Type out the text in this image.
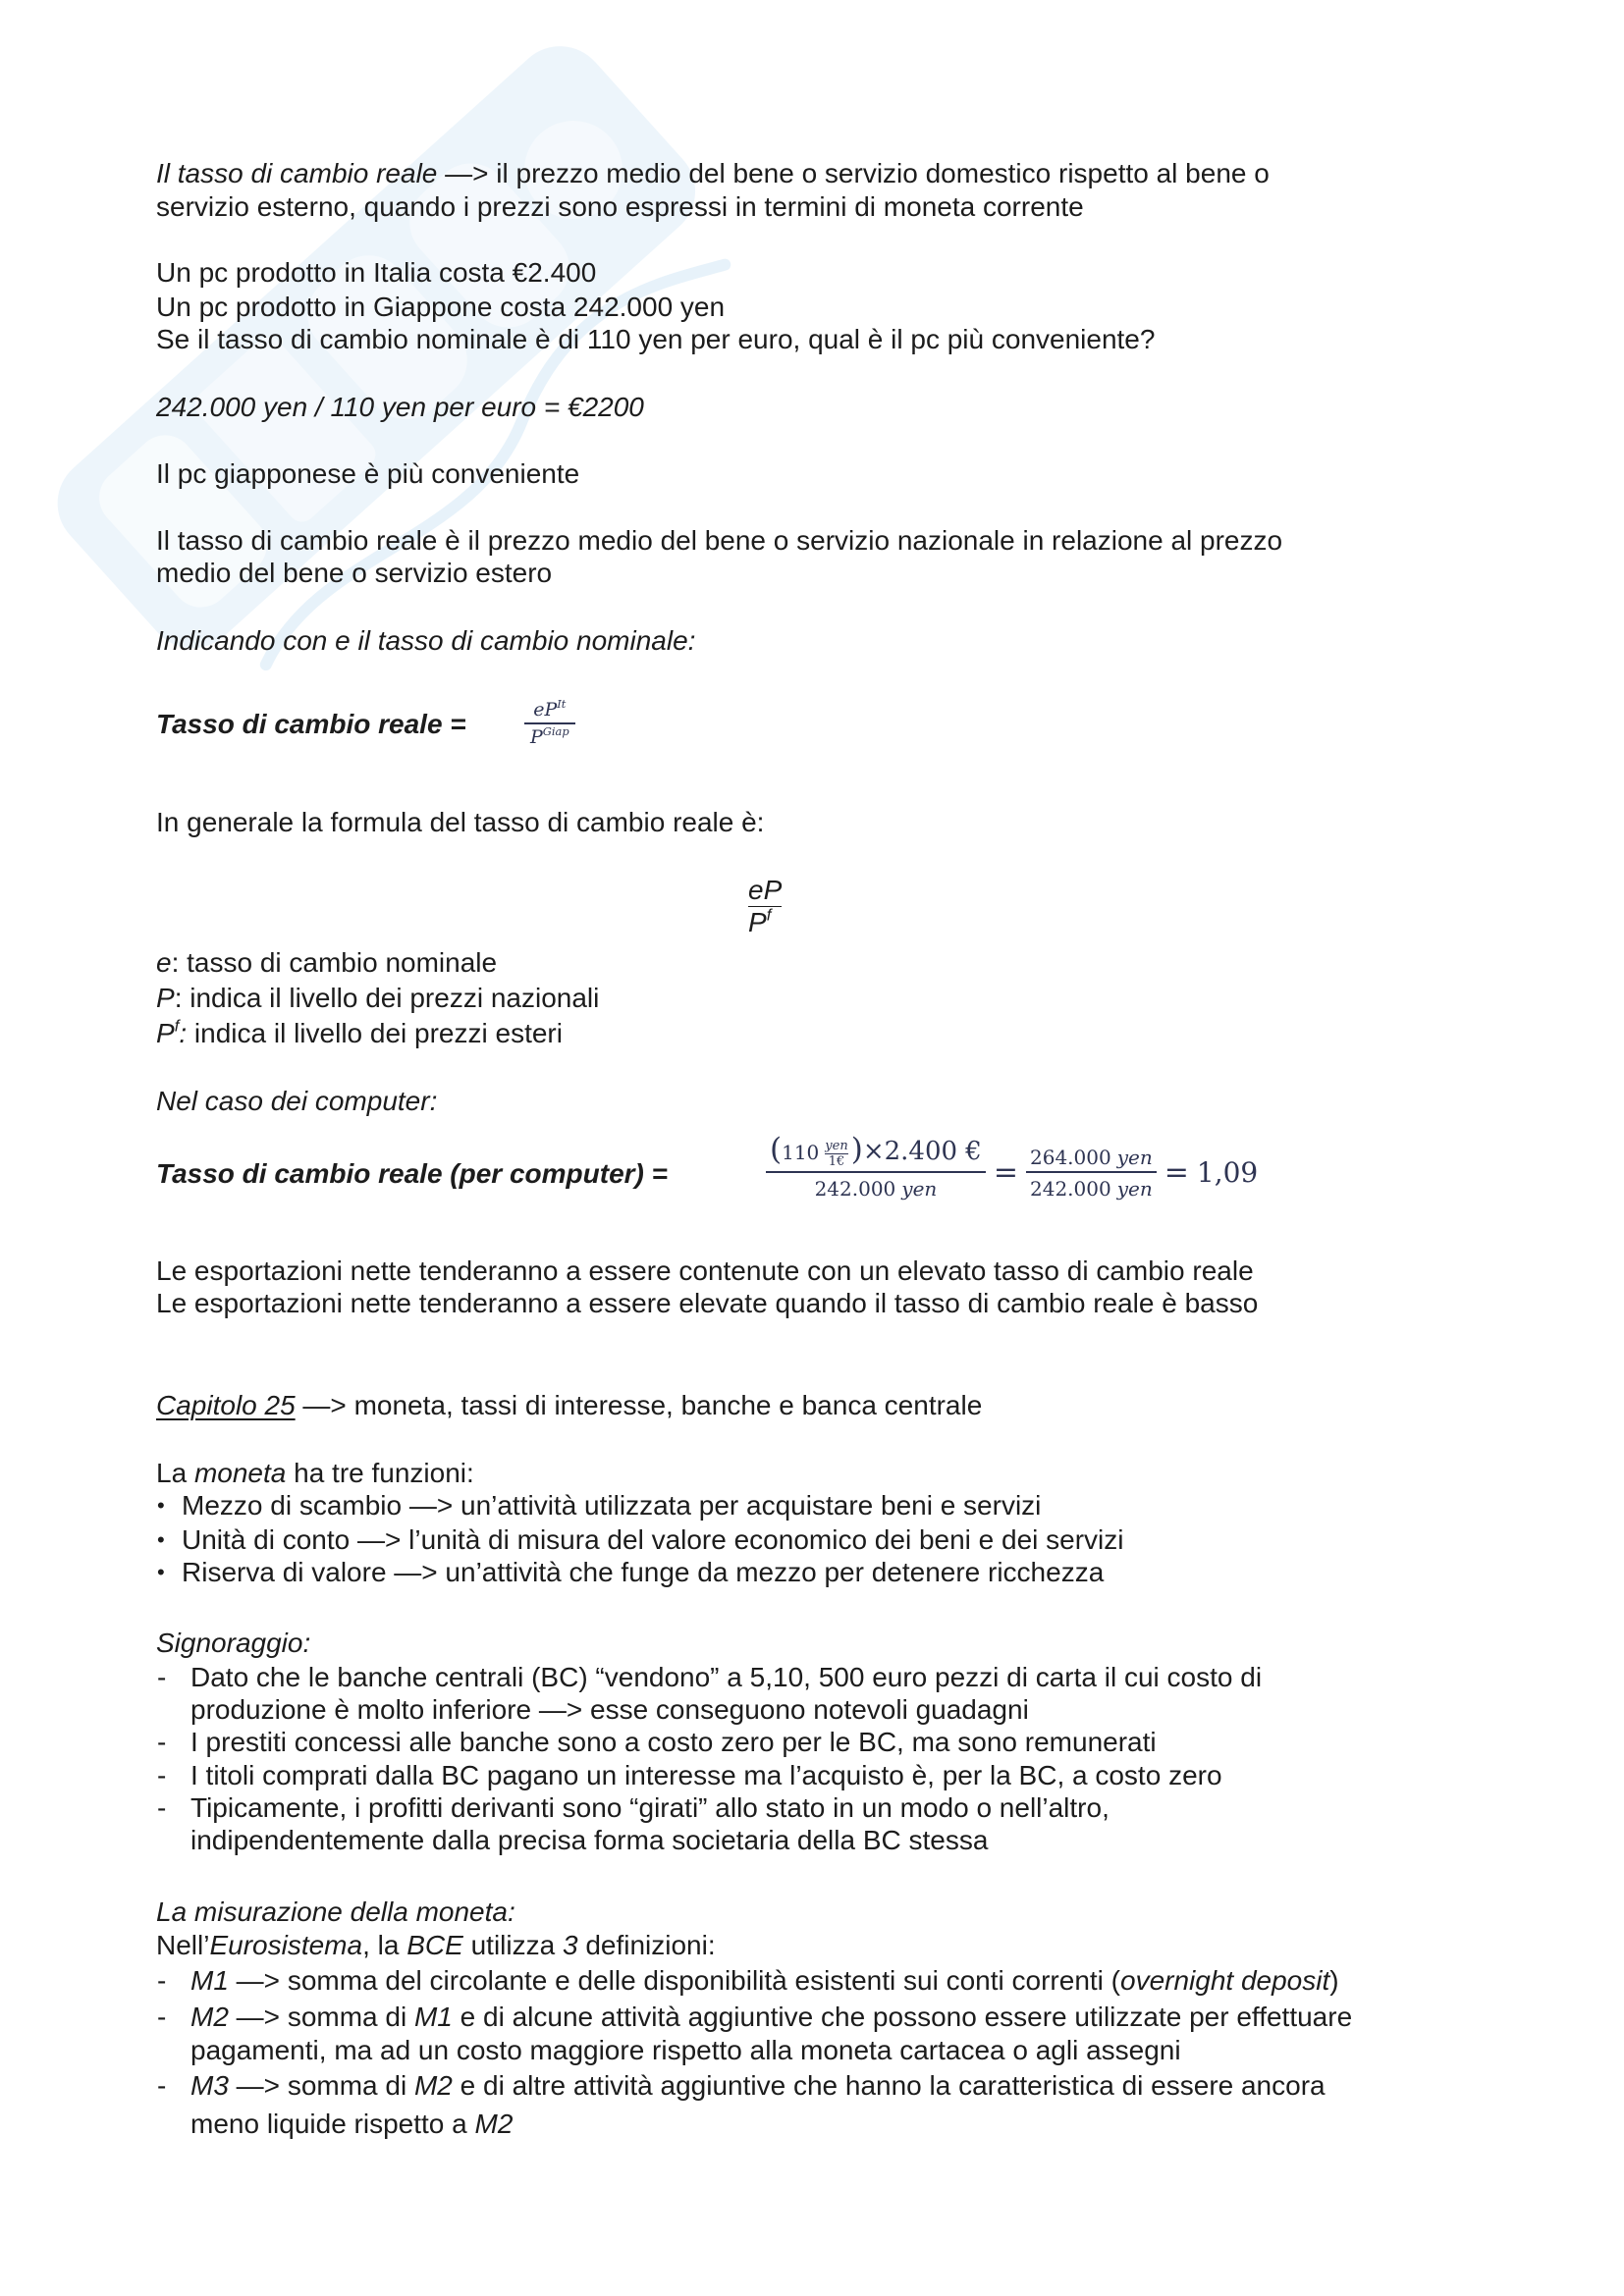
Il tasso di cambio reale —> il prezzo medio del bene o servizio domestico rispetto al bene o
servizio esterno, quando i prezzi sono espressi in termini di moneta corrente
Un pc prodotto in Italia costa €2.400
Un pc prodotto in Giappone costa 242.000 yen
Se il tasso di cambio nominale è di 110 yen per euro, qual è il pc più conveniente?
242.000 yen / 110 yen per euro = €2200
Il pc giapponese è più conveniente
Il tasso di cambio reale è il prezzo medio del bene o servizio nazionale in relazione al prezzo
medio del bene o servizio estero
Indicando con e il tasso di cambio nominale:
Tasso di cambio reale =	$eP^{It}$
$P^{Giap}$
In generale la formula del tasso di cambio reale è:
$\frac{eP}{P^f}$
e: tasso di cambio nominale
P: indica il livello dei prezzi nazionali
$P^f$: indica il livello dei prezzi esteri
Nel caso dei computer:
Tasso di cambio reale (per computer) =
(110 yen
1€ )×2.400 €
242.000 yen = 264.000 yen
242.000 yen = 1,09
Le esportazioni nette tenderanno a essere contenute con un elevato tasso di cambio reale
Le esportazioni nette tenderanno a essere elevate quando il tasso di cambio reale è basso
Capitolo 25 —> moneta, tassi di interesse, banche e banca centrale
La moneta ha tre funzioni:
• Mezzo di scambio —> un’attività utilizzata per acquistare beni e servizi
• Unità di conto —> l’unità di misura del valore economico dei beni e dei servizi
• Riserva di valore —> un’attività che funge da mezzo per detenere ricchezza
Signoraggio:
- Dato che le banche centrali (BC) “vendono” a 5,10, 500 euro pezzi di carta il cui costo di
produzione è molto inferiore —> esse conseguono notevoli guadagni
- I prestiti concessi alle banche sono a costo zero per le BC, ma sono remunerati
- I titoli comprati dalla BC pagano un interesse ma l’acquisto è, per la BC, a costo zero
- Tipicamente, i profitti derivanti sono “girati” allo stato in un modo o nell’altro,
indipendentemente dalla precisa forma societaria della BC stessa
La misurazione della moneta:
Nell’Eurosistema, la BCE utilizza 3 definizioni:
- M1 —> somma del circolante e delle disponibilità esistenti sui conti correnti (overnight deposit)
- M2 —> somma di M1 e di alcune attività aggiuntive che possono essere utilizzate per effettuare
pagamenti, ma ad un costo maggiore rispetto alla moneta cartacea o agli assegni
- M3 —> somma di M2 e di altre attività aggiuntive che hanno la caratteristica di essere ancora
meno liquide rispetto a M2
